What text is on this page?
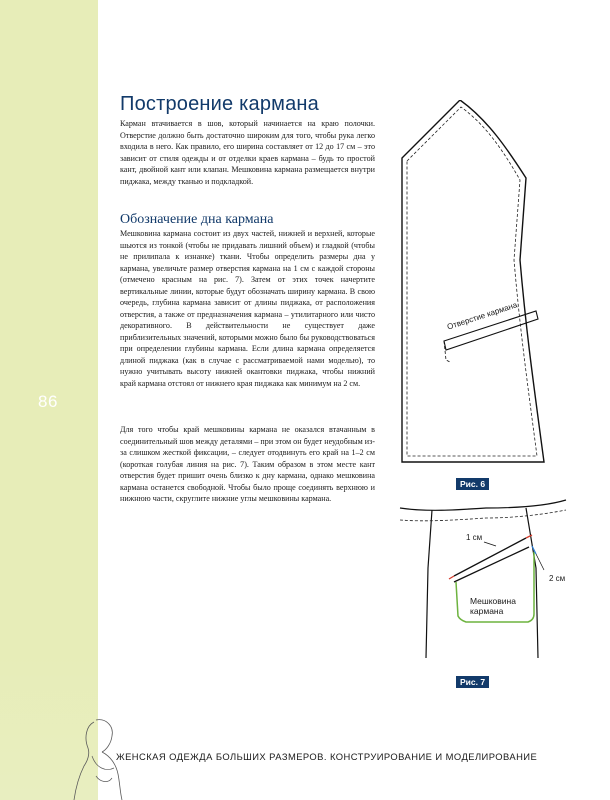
86
Построение кармана

Карман втачивается в шов, который начинается на краю полочки. Отверстие должно быть достаточно широким для того, чтобы рука легко входила в него. Как правило, его ширина составляет от 12 до 17 см – это зависит от стиля одежды и от отделки краев кармана – будь то простой кант, двойной кант или клапан. Мешковина кармана размещается внутри пиджака, между тканью и подкладкой.

Обозначение дна кармана

Мешковина кармана состоит из двух частей, нижней и верхней, которые шьются из тонкой (чтобы не придавать лишний объем) и гладкой (чтобы не прилипала к изнанке) ткани. Чтобы определить размеры дна у кармана, увеличьте размер отверстия кармана на 1 см с каждой стороны (отмечено красным на рис. 7). Затем от этих точек начертите вертикальные линии, которые будут обозначать ширину кармана. В свою очередь, глубина кармана зависит от длины пиджака, от расположения отверстия, а также от предназначения кармана – утилитарного или чисто декоративного. В действительности не существует даже приблизительных значений, которыми можно было бы руководствоваться при определении глубины кармана. Если длина кармана определяется длиной пиджака (как в случае с рассматриваемой нами моделью), то нужно учитывать высоту нижней окантовки пиджака, чтобы нижний край кармана отстоял от нижнего края пиджака как минимум на 2 см.

Для того чтобы край мешковины кармана не оказался втачанным в соединительный шов между деталями – при этом он будет неудобным из-за слишком жесткой фиксации, – следует отодвинуть его край на 1–2 см (короткая голубая линия на рис. 7). Таким образом в этом месте кант отверстия будет пришит очень близко к дну кармана, однако мешковина кармана останется свободной. Чтобы было проще соединять верхнюю и нижнюю части, скруглите нижние углы мешковины кармана.

Отверстие кармана
Рис. 6
1 см
2 см
Мешковина
кармана
Рис. 7
ЖЕНСКАЯ ОДЕЖДА БОЛЬШИХ РАЗМЕРОВ. КОНСТРУИРОВАНИЕ И МОДЕЛИРОВАНИЕ
